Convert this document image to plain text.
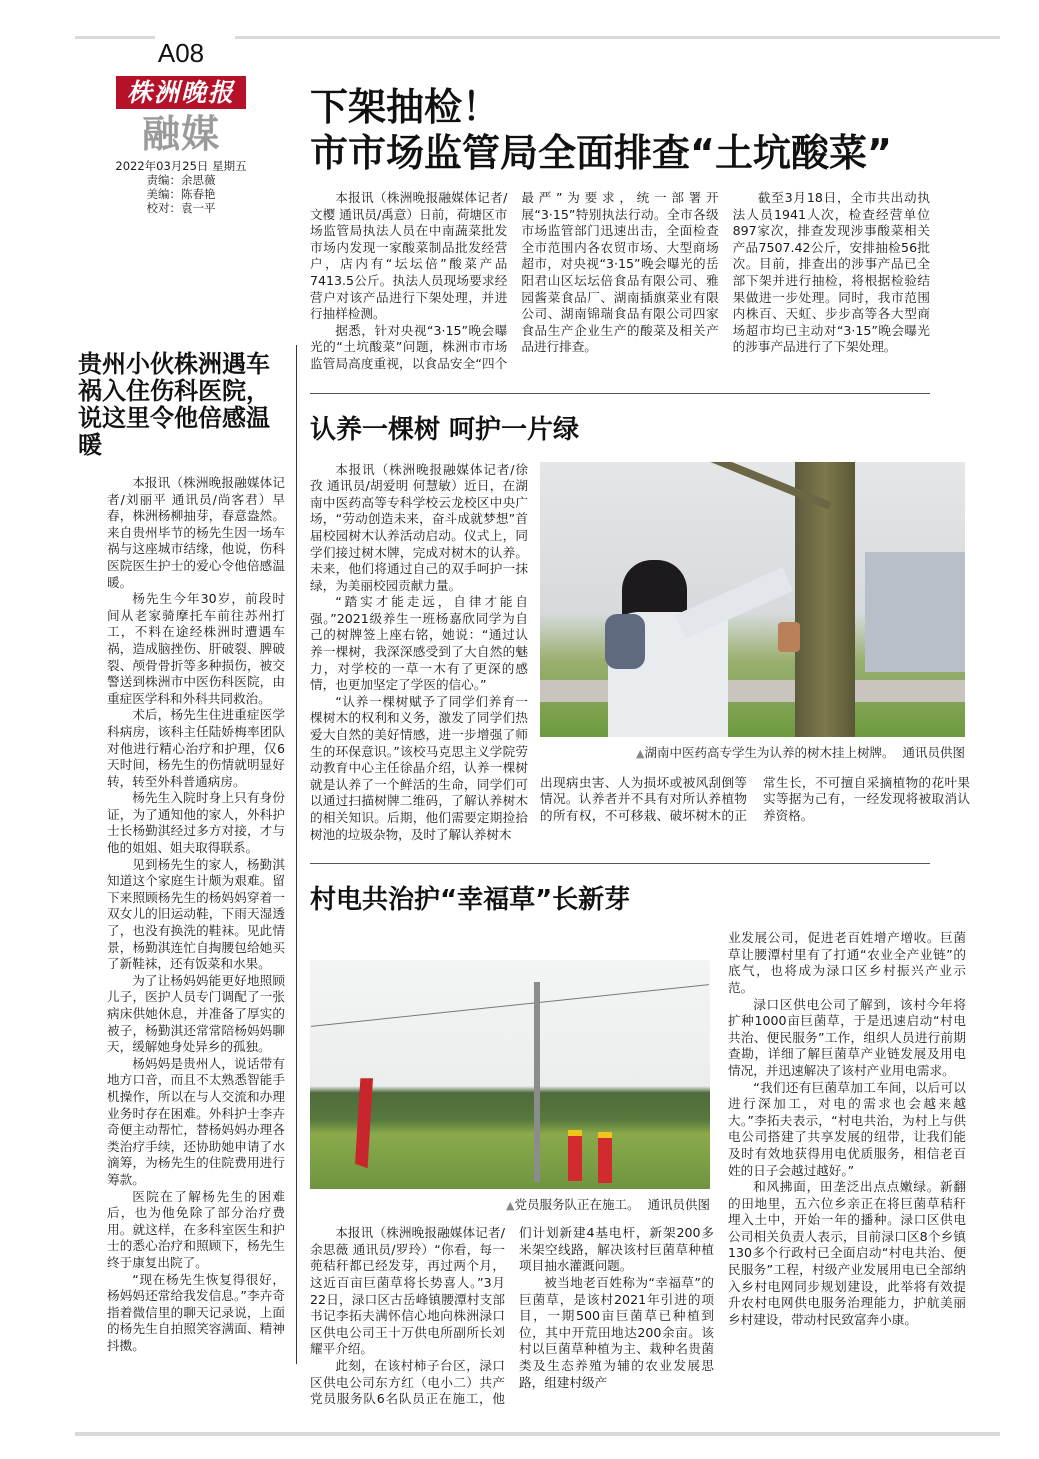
A08
株洲晚报
融媒
2022年03月25日 星期五
责编：余思薇
美编：陈春艳
校对：袁一平
贵州小伙株洲遇车祸入住伤科医院，说这里令他倍感温暖

本报讯（株洲晚报融媒体记者/刘丽平 通讯员/尚客君）早春，株洲杨柳抽芽，春意盎然。来自贵州毕节的杨先生因一场车祸与这座城市结缘，他说，伤科医院医生护士的爱心令他倍感温暖。

杨先生今年30岁，前段时间从老家骑摩托车前往苏州打工，不料在途经株洲时遭遇车祸，造成脑挫伤、肝破裂、脾破裂、颅骨骨折等多种损伤，被交警送到株洲市中医伤科医院，由重症医学科和外科共同救治。

术后，杨先生住进重症医学科病房，该科主任陆娇梅率团队对他进行精心治疗和护理，仅6天时间，杨先生的伤情就明显好转，转至外科普通病房。

杨先生入院时身上只有身份证，为了通知他的家人，外科护士长杨勤淇经过多方对接，才与他的姐姐、姐夫取得联系。

见到杨先生的家人，杨勤淇知道这个家庭生计颇为艰难。留下来照顾杨先生的杨妈妈穿着一双女儿的旧运动鞋，下雨天湿透了，也没有换洗的鞋袜。见此情景，杨勤淇连忙自掏腰包给她买了新鞋袜，还有饭菜和水果。

为了让杨妈妈能更好地照顾儿子，医护人员专门调配了一张病床供她休息，并准备了厚实的被子，杨勤淇还常常陪杨妈妈聊天，缓解她身处异乡的孤独。

杨妈妈是贵州人，说话带有地方口音，而且不太熟悉智能手机操作，所以在与人交流和办理业务时存在困难。外科护士李卉奇便主动帮忙，替杨妈妈办理各类治疗手续，还协助她申请了水滴筹，为杨先生的住院费用进行筹款。

医院在了解杨先生的困难后，也为他免除了部分治疗费用。就这样，在多科室医生和护士的悉心治疗和照顾下，杨先生终于康复出院了。

“现在杨先生恢复得很好，杨妈妈还常给我发信息。”李卉奇指着微信里的聊天记录说，上面的杨先生自拍照笑容满面、精神抖擞。

下架抽检！
市市场监管局全面排查“土坑酸菜”

本报讯（株洲晚报融媒体记者/文樱 通讯员/禹意）日前，荷塘区市场监管局执法人员在中南蔬菜批发市场内发现一家酸菜制品批发经营户，店内有“坛坛倍”酸菜产品7413.5公斤。执法人员现场要求经营户对该产品进行下架处理，并进行抽样检测。

据悉，针对央视“3·15”晚会曝光的“土坑酸菜”问题，株洲市市场监管局高度重视，以食品安全“四个最严”为要求，统一部署开展“3·15”特别执法行动。全市各级市场监管部门迅速出击，全面检查全市范围内各农贸市场、大型商场超市，对央视“3·15”晚会曝光的岳阳君山区坛坛倍食品有限公司、雅园酱菜食品厂、湖南插旗菜业有限公司、湖南锦瑞食品有限公司四家食品生产企业生产的酸菜及相关产品进行排查。

截至3月18日，全市共出动执法人员1941人次，检查经营单位897家次，排查发现涉事酸菜相关产品7507.42公斤，安排抽检56批次。目前，排查出的涉事产品已全部下架并进行抽检，将根据检验结果做进一步处理。同时，我市范围内株百、天虹、步步高等各大型商场超市均已主动对“3·15”晚会曝光的涉事产品进行了下架处理。

认养一棵树 呵护一片绿

本报讯（株洲晚报融媒体记者/徐孜 通讯员/胡爱明 何慧敏）近日，在湖南中医药高等专科学校云龙校区中央广场，“劳动创造未来，奋斗成就梦想”首届校园树木认养活动启动。仪式上，同学们接过树木牌，完成对树木的认养。未来，他们将通过自己的双手呵护一抹绿，为美丽校园贡献力量。

“踏实才能走远，自律才能自强。”2021级养生一班杨嘉欣同学为自己的树牌签上座右铭，她说：“通过认养一棵树，我深深感受到了大自然的魅力，对学校的一草一木有了更深的感情，也更加坚定了学医的信心。”

“认养一棵树赋予了同学们养育一棵树木的权利和义务，激发了同学们热爱大自然的美好情感，进一步增强了师生的环保意识。”该校马克思主义学院劳动教育中心主任徐晶介绍，认养一棵树就是认养了一个鲜活的生命，同学们可以通过扫描树牌二维码，了解认养树木的相关知识。后期，他们需要定期捡拾树池的垃圾杂物，及时了解认养树木

▲湖南中医药高专学生为认养的树木挂上树牌。 通讯员供图

出现病虫害、人为损坏或被风刮倒等情况。认养者并不具有对所认养植物的所有权，不可移栽、破坏树木的正常生长，不可擅自采摘植物的花叶果实等据为己有，一经发现将被取消认养资格。

村电共治护“幸福草”长新芽
▲党员服务队正在施工。 通讯员供图

本报讯（株洲晚报融媒体记者/余思薇 通讯员/罗玲）“你看，每一蔸秸秆都已经发芽，再过两个月，这近百亩巨菌草将长势喜人。”3月22日，渌口区古岳峰镇腰潭村支部书记李拓夫满怀信心地向株洲渌口区供电公司王十万供电所副所长刘耀平介绍。

此刻，在该村柿子台区，渌口区供电公司东方红（电小二）共产党员服务队6名队员正在施工，他们计划新建4基电杆，新架200多米架空线路，解决该村巨菌草种植项目抽水灌溉问题。

被当地老百姓称为“幸福草”的巨菌草，是该村2021年引进的项目，一期500亩巨菌草已种植到位，其中开荒田地达200余亩。该村以巨菌草种植为主、栽种名贵菌类及生态养殖为辅的农业发展思路，组建村级产

业发展公司，促进老百姓增产增收。巨菌草让腰潭村里有了打通“农业全产业链”的底气，也将成为渌口区乡村振兴产业示范。

渌口区供电公司了解到，该村今年将扩种1000亩巨菌草，于是迅速启动“村电共治、便民服务”工作，组织人员进行前期查勘，详细了解巨菌草产业链发展及用电情况，并迅速解决了该村产业用电需求。

“我们还有巨菌草加工车间，以后可以进行深加工，对电的需求也会越来越大。”李拓夫表示，“村电共治，为村上与供电公司搭建了共享发展的纽带，让我们能及时有效地获得用电优质服务，相信老百姓的日子会越过越好。”

和风拂面，田垄泛出点点嫩绿。新翻的田地里，五六位乡亲正在将巨菌草秸秆埋入土中，开始一年的播种。渌口区供电公司相关负责人表示，目前渌口区8个乡镇130多个行政村已全面启动“村电共治、便民服务”工程，村级产业发展用电已全部纳入乡村电网同步规划建设，此举将有效提升农村电网供电服务治理能力，护航美丽乡村建设，带动村民致富奔小康。
